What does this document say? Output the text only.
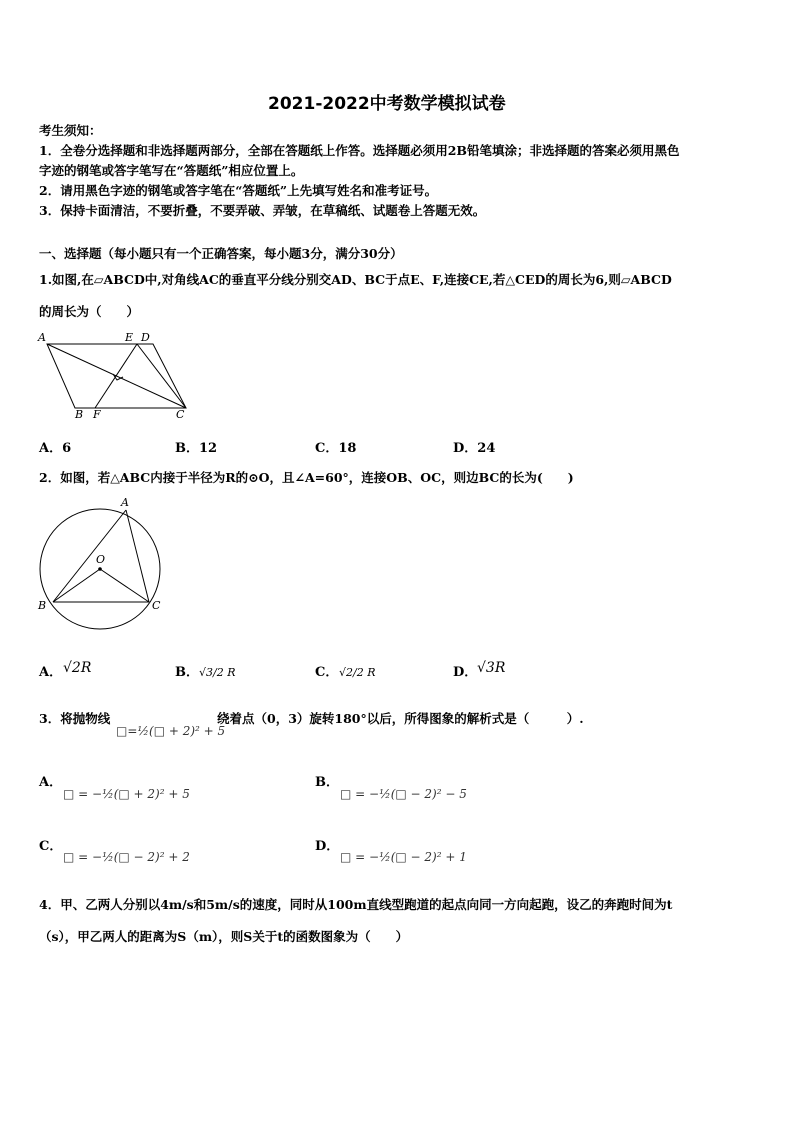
2021-2022中考数学模拟试卷
考生须知：
1．全卷分选择题和非选择题两部分，全部在答题纸上作答。选择题必须用2B铅笔填涂；非选择题的答案必须用黑色
字迹的钢笔或答字笔写在“答题纸”相应位置上。
2．请用黑色字迹的钢笔或答字笔在“答题纸”上先填写姓名和准考证号。
3．保持卡面清洁，不要折叠，不要弄破、弄皱，在草稿纸、试题卷上答题无效。
一、选择题（每小题只有一个正确答案，每小题3分，满分30分）
1.如图,在▱ABCD中,对角线AC的垂直平分线分别交AD、BC于点E、F,连接CE,若△CED的周长为6,则▱ABCD
的周长为（　　）
A	E D
B F	C
A．6	B．12	C．18	D．24
2．如图，若△ABC内接于半径为R的⊙O，且∠A=60°，连接OB、OC，则边BC的长为(　　)
A
O
B	C
A． √2R	B． √3/2 R	C． √2/2 R	D． √3R
3．将抛物线
□=½(□ + 2)² + 5
绕着点（0，3）旋转180°以后，所得图象的解析式是（　　　）.
A．
□ = −½(□ + 2)² + 5
B．
□ = −½(□ − 2)² − 5
C．
□ = −½(□ − 2)² + 2
D．
□ = −½(□ − 2)² + 1
4．甲、乙两人分别以4m/s和5m/s的速度，同时从100m直线型跑道的起点向同一方向起跑，设乙的奔跑时间为t
（s），甲乙两人的距离为S（m），则S关于t的函数图象为（　　）
